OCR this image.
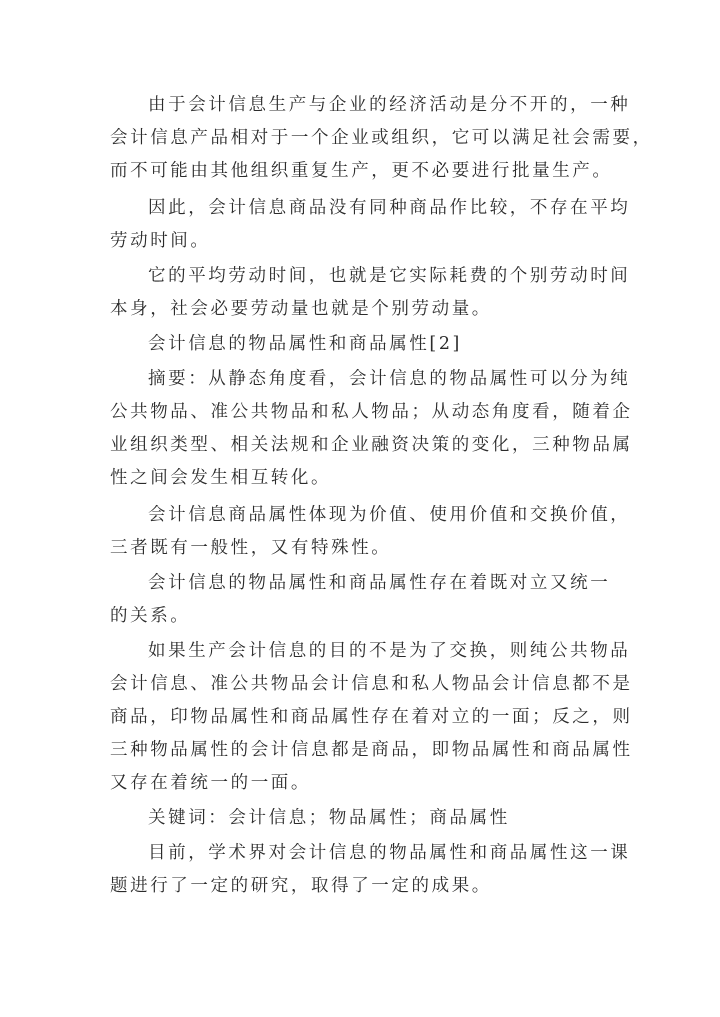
由于会计信息生产与企业的经济活动是分不开的，一种
会计信息产品相对于一个企业或组织，它可以满足社会需要，
而不可能由其他组织重复生产，更不必要进行批量生产。
因此，会计信息商品没有同种商品作比较，不存在平均
劳动时间。
它的平均劳动时间，也就是它实际耗费的个别劳动时间
本身，社会必要劳动量也就是个别劳动量。
会计信息的物品属性和商品属性[2]
摘要：从静态角度看，会计信息的物品属性可以分为纯
公共物品、准公共物品和私人物品；从动态角度看，随着企
业组织类型、相关法规和企业融资决策的变化，三种物品属
性之间会发生相互转化。
会计信息商品属性体现为价值、使用价值和交换价值，
三者既有一般性，又有特殊性。
会计信息的物品属性和商品属性存在着既对立又统一
的关系。
如果生产会计信息的目的不是为了交换，则纯公共物品
会计信息、准公共物品会计信息和私人物品会计信息都不是
商品，印物品属性和商品属性存在着对立的一面；反之，则
三种物品属性的会计信息都是商品，即物品属性和商品属性
又存在着统一的一面。
关键词：会计信息；物品属性；商品属性
目前，学术界对会计信息的物品属性和商品属性这一课
题进行了一定的研究，取得了一定的成果。
